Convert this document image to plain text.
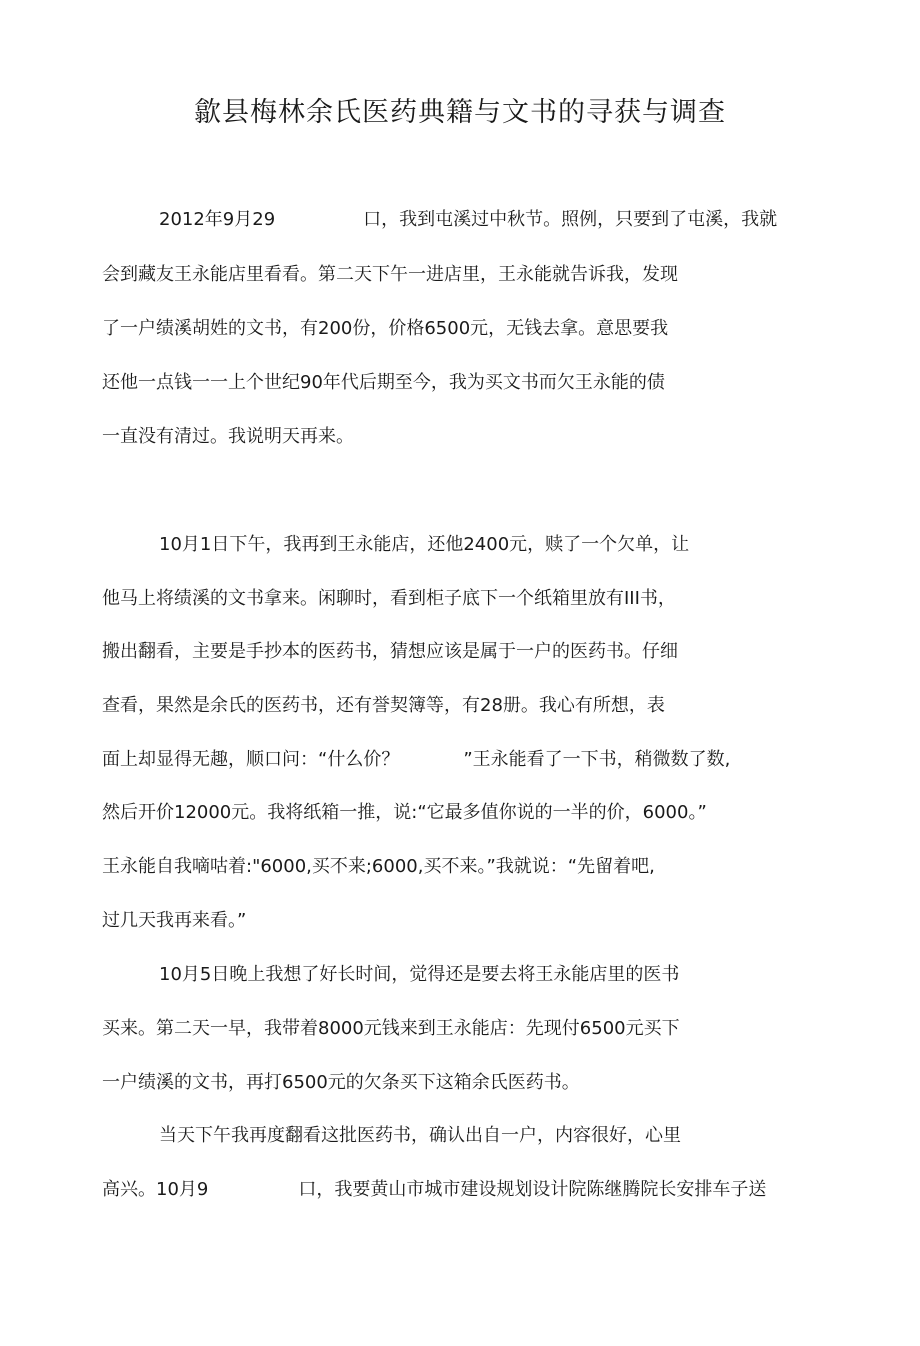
歙县梅林余氏医药典籍与文书的寻获与调查
2012年9月29	口，我到屯溪过中秋节。照例，只要到了屯溪，我就
会到藏友王永能店里看看。第二天下午一进店里，王永能就告诉我，发现
了一户绩溪胡姓的文书，有200份，价格6500元，无钱去拿。意思要我
还他一点钱一一上个世纪90年代后期至今，我为买文书而欠王永能的债
一直没有清过。我说明天再来。
10月1日下午，我再到王永能店，还他2400元，赎了一个欠单，让
他马上将绩溪的文书拿来。闲聊时，看到柜子底下一个纸箱里放有III书，
搬出翻看，主要是手抄本的医药书，猜想应该是属于一户的医药书。仔细
查看，果然是余氏的医药书，还有誉契簿等，有28册。我心有所想，表
面上却显得无趣，顺口问：“什么价？	”王永能看了一下书，稍微数了数,
然后开价12000元。我将纸箱一推，说:“它最多值你说的一半的价，6000。”
王永能自我嘀咕着:"6000,买不来;6000,买不来。”我就说：“先留着吧,
过几天我再来看。”
10月5日晚上我想了好长时间，觉得还是要去将王永能店里的医书
买来。第二天一早，我带着8000元钱来到王永能店：先现付6500元买下
一户绩溪的文书，再打6500元的欠条买下这箱余氏医药书。
当天下午我再度翻看这批医药书，确认出自一户，内容很好，心里
高兴。10月9	口，我要黄山市城市建设规划设计院陈继腾院长安排车子送
